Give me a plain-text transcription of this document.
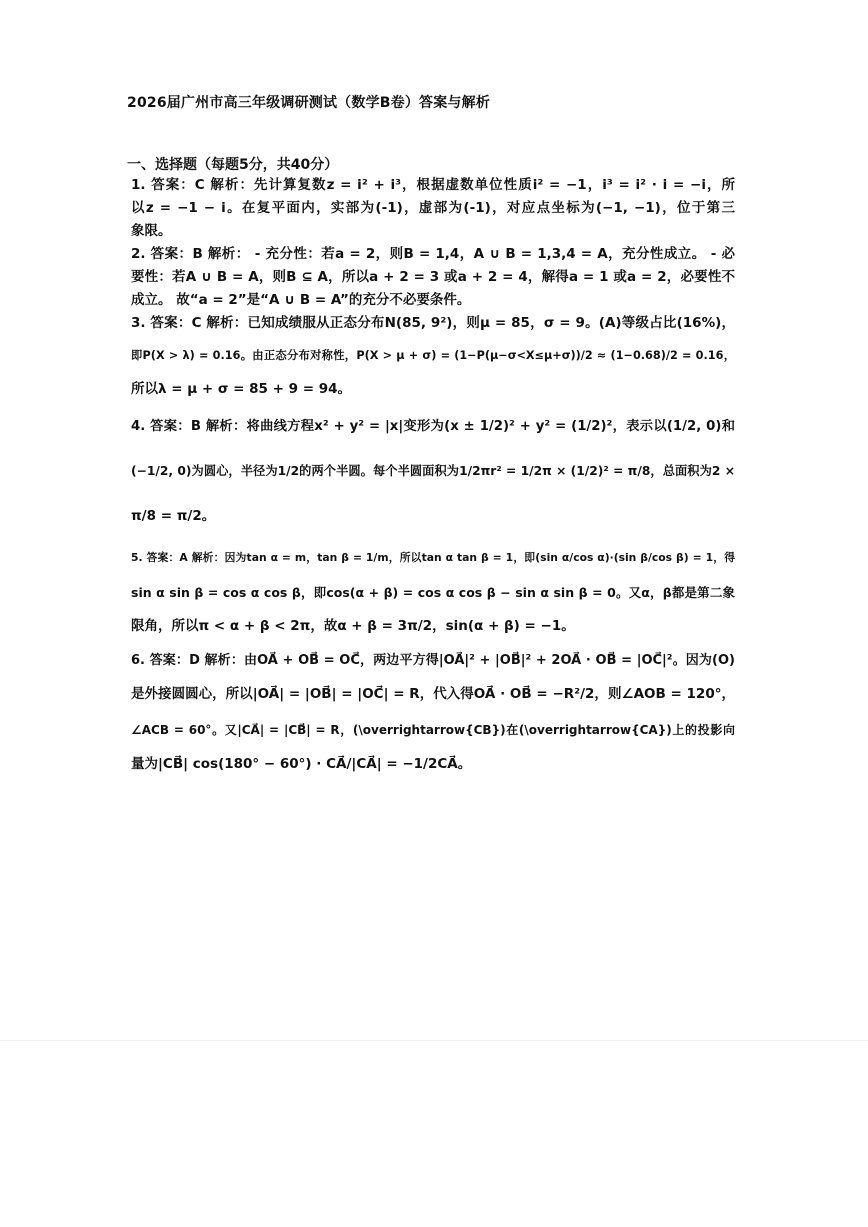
2026届广州市高三年级调研测试（数学B卷）答案与解析
一、选择题（每题5分，共40分）
1. 答案：C 解析：先计算复数z = i² + i³，根据虚数单位性质i² = −1，i³ = i² · i = −i，所
以z = −1 − i。在复平面内，实部为(-1)，虚部为(-1)，对应点坐标为(−1, −1)，位于第三
象限。
2. 答案：B 解析： - 充分性：若a = 2，则B = 1,4，A ∪ B = 1,3,4 = A，充分性成立。 - 必
要性：若A ∪ B = A，则B ⊆ A，所以a + 2 = 3 或a + 2 = 4，解得a = 1 或a = 2，必要性不
成立。 故“a = 2”是“A ∪ B = A”的充分不必要条件。
3. 答案：C 解析：已知成绩服从正态分布N(85, 9²)，则μ = 85，σ = 9。(A)等级占比(16%)，
即P(X > λ) = 0.16。由正态分布对称性，P(X > μ + σ) = (1−P(μ−σ<X≤μ+σ))/2 ≈ (1−0.68)/2 = 0.16，
所以λ = μ + σ = 85 + 9 = 94。
4. 答案：B 解析：将曲线方程x² + y² = |x|变形为(x ± 1/2)² + y² = (1/2)²，表示以(1/2, 0)和
(−1/2, 0)为圆心，半径为1/2的两个半圆。每个半圆面积为1/2πr² = 1/2π × (1/2)² = π/8，总面积为2 ×
π/8 = π/2。
5. 答案：A 解析：因为tan α = m，tan β = 1/m，所以tan α tan β = 1，即(sin α/cos α)·(sin β/cos β) = 1，得
sin α sin β = cos α cos β，即cos(α + β) = cos α cos β − sin α sin β = 0。又α，β都是第二象
限角，所以π < α + β < 2π，故α + β = 3π/2，sin(α + β) = −1。
6. 答案：D 解析：由OA⃗ + OB⃗ = OC⃗，两边平方得|OA⃗|² + |OB⃗|² + 2OA⃗ · OB⃗ = |OC⃗|²。因为(O)
是外接圆圆心，所以|OA⃗| = |OB⃗| = |OC⃗| = R，代入得OA⃗ · OB⃗ = −R²/2，则∠AOB = 120°，
∠ACB = 60°。又|CA⃗| = |CB⃗| = R，(\overrightarrow{CB})在(\overrightarrow{CA})上的投影向
量为|CB⃗| cos(180° − 60°) · CA⃗/|CA⃗| = −1/2CA⃗。
